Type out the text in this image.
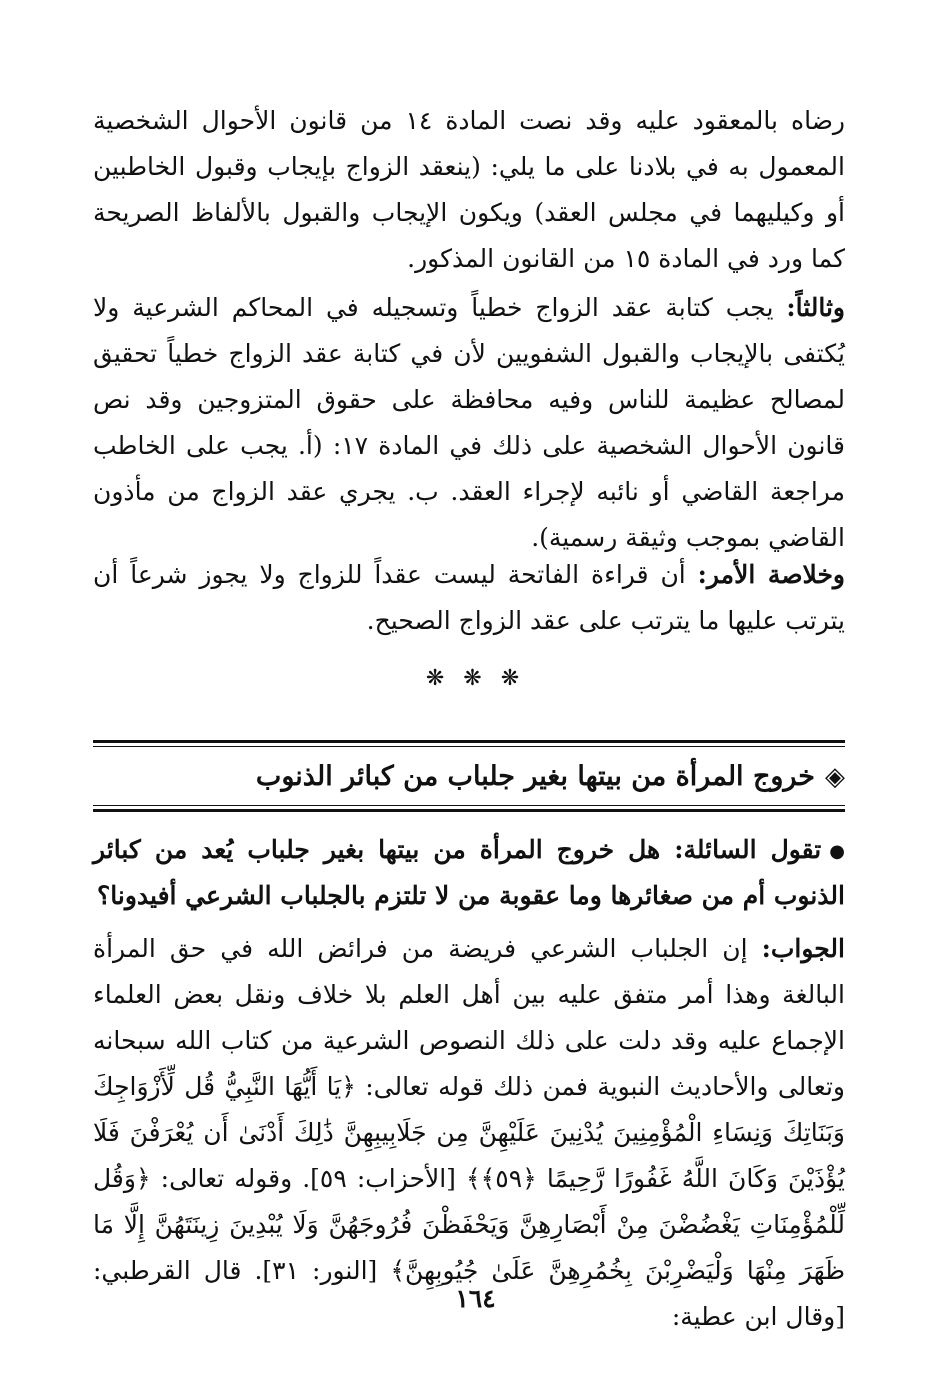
رضاه بالمعقود عليه وقد نصت المادة ١٤ من قانون الأحوال الشخصية المعمول به في بلادنا على ما يلي: (ينعقد الزواج بإيجاب وقبول الخاطبين أو وكيليهما في مجلس العقد) ويكون الإيجاب والقبول بالألفاظ الصريحة كما ورد في المادة ١٥ من القانون المذكور.

وثالثاً: يجب كتابة عقد الزواج خطياً وتسجيله في المحاكم الشرعية ولا يُكتفى بالإيجاب والقبول الشفويين لأن في كتابة عقد الزواج خطياً تحقيق لمصالح عظيمة للناس وفيه محافظة على حقوق المتزوجين وقد نص قانون الأحوال الشخصية على ذلك في المادة ١٧: (أ. يجب على الخاطب مراجعة القاضي أو نائبه لإجراء العقد. ب. يجري عقد الزواج من مأذون القاضي بموجب وثيقة رسمية).

وخلاصة الأمر: أن قراءة الفاتحة ليست عقداً للزواج ولا يجوز شرعاً أن يترتب عليها ما يترتب على عقد الزواج الصحيح.

❋ ❋ ❋
◈خروج المرأة من بيتها بغير جلباب من كبائر الذنوب

●تقول السائلة: هل خروج المرأة من بيتها بغير جلباب يُعد من كبائر الذنوب أم من صغائرها وما عقوبة من لا تلتزم بالجلباب الشرعي أفيدونا؟

الجواب: إن الجلباب الشرعي فريضة من فرائض الله في حق المرأة البالغة وهذا أمر متفق عليه بين أهل العلم بلا خلاف ونقل بعض العلماء الإجماع عليه وقد دلت على ذلك النصوص الشرعية من كتاب الله سبحانه وتعالى والأحاديث النبوية فمن ذلك قوله تعالى: ﴿يَا أَيُّهَا النَّبِيُّ قُل لِّأَزْوَاجِكَ وَبَنَاتِكَ وَنِسَاءِ الْمُؤْمِنِينَ يُدْنِينَ عَلَيْهِنَّ مِن جَلَابِيبِهِنَّ ذَٰلِكَ أَدْنَىٰ أَن يُعْرَفْنَ فَلَا يُؤْذَيْنَ وَكَانَ اللَّهُ غَفُورًا رَّحِيمًا ﴿٥٩﴾﴾ [الأحزاب: ٥٩]. وقوله تعالى: ﴿وَقُل لِّلْمُؤْمِنَاتِ يَغْضُضْنَ مِنْ أَبْصَارِهِنَّ وَيَحْفَظْنَ فُرُوجَهُنَّ وَلَا يُبْدِينَ زِينَتَهُنَّ إِلَّا مَا ظَهَرَ مِنْهَا وَلْيَضْرِبْنَ بِخُمُرِهِنَّ عَلَىٰ جُيُوبِهِنَّ﴾ [النور: ٣١]. قال القرطبي: [وقال ابن عطية:

١٦٤
